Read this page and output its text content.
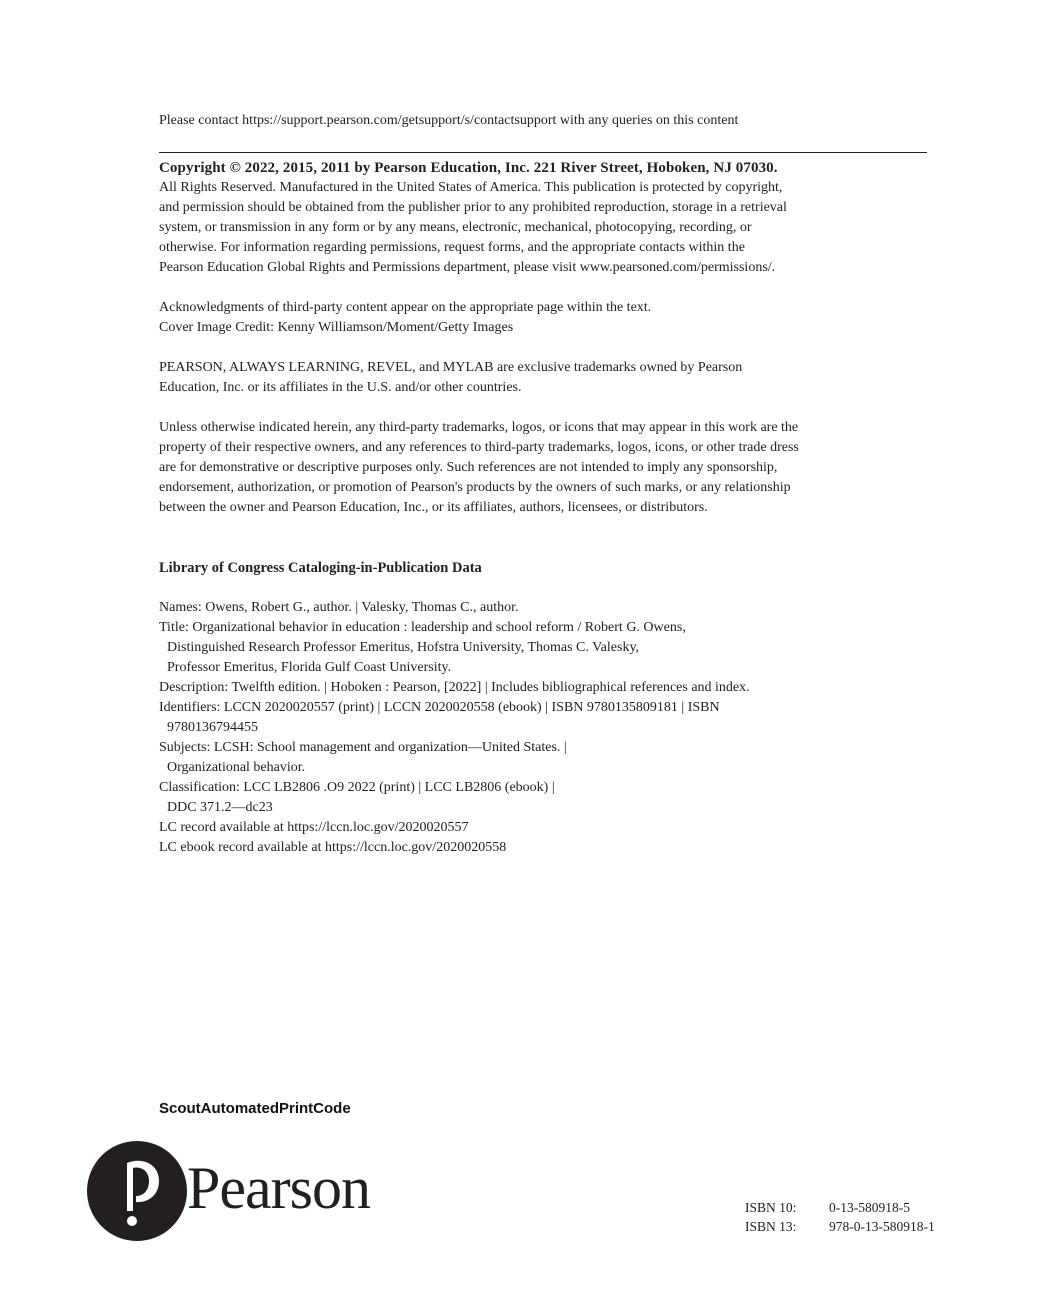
Please contact https://support.pearson.com/getsupport/s/contactsupport with any queries on this content
Copyright © 2022, 2015, 2011 by Pearson Education, Inc. 221 River Street, Hoboken, NJ 07030.
All Rights Reserved. Manufactured in the United States of America. This publication is protected by copyright,
and permission should be obtained from the publisher prior to any prohibited reproduction, storage in a retrieval
system, or transmission in any form or by any means, electronic, mechanical, photocopying, recording, or
otherwise. For information regarding permissions, request forms, and the appropriate contacts within the
Pearson Education Global Rights and Permissions department, please visit www.pearsoned.com/permissions/.
Acknowledgments of third-party content appear on the appropriate page within the text.
Cover Image Credit: Kenny Williamson/Moment/Getty Images
PEARSON, ALWAYS LEARNING, REVEL, and MYLAB are exclusive trademarks owned by Pearson
Education, Inc. or its affiliates in the U.S. and/or other countries.
Unless otherwise indicated herein, any third-party trademarks, logos, or icons that may appear in this work are the
property of their respective owners, and any references to third-party trademarks, logos, icons, or other trade dress
are for demonstrative or descriptive purposes only. Such references are not intended to imply any sponsorship,
endorsement, authorization, or promotion of Pearson's products by the owners of such marks, or any relationship
between the owner and Pearson Education, Inc., or its affiliates, authors, licensees, or distributors.
Library of Congress Cataloging-in-Publication Data
Names: Owens, Robert G., author. | Valesky, Thomas C., author.
Title: Organizational behavior in education : leadership and school reform / Robert G. Owens,
Distinguished Research Professor Emeritus, Hofstra University, Thomas C. Valesky,
Professor Emeritus, Florida Gulf Coast University.
Description: Twelfth edition. | Hoboken : Pearson, [2022] | Includes bibliographical references and index.
Identifiers: LCCN 2020020557 (print) | LCCN 2020020558 (ebook) | ISBN 9780135809181 | ISBN
9780136794455
Subjects: LCSH: School management and organization—United States. |
Organizational behavior.
Classification: LCC LB2806 .O9 2022 (print) | LCC LB2806 (ebook) |
DDC 371.2—dc23
LC record available at https://lccn.loc.gov/2020020557
LC ebook record available at https://lccn.loc.gov/2020020558
ScoutAutomatedPrintCode
Pearson	ISBN 10: 0-13-580918-5
ISBN 13: 978-0-13-580918-1
